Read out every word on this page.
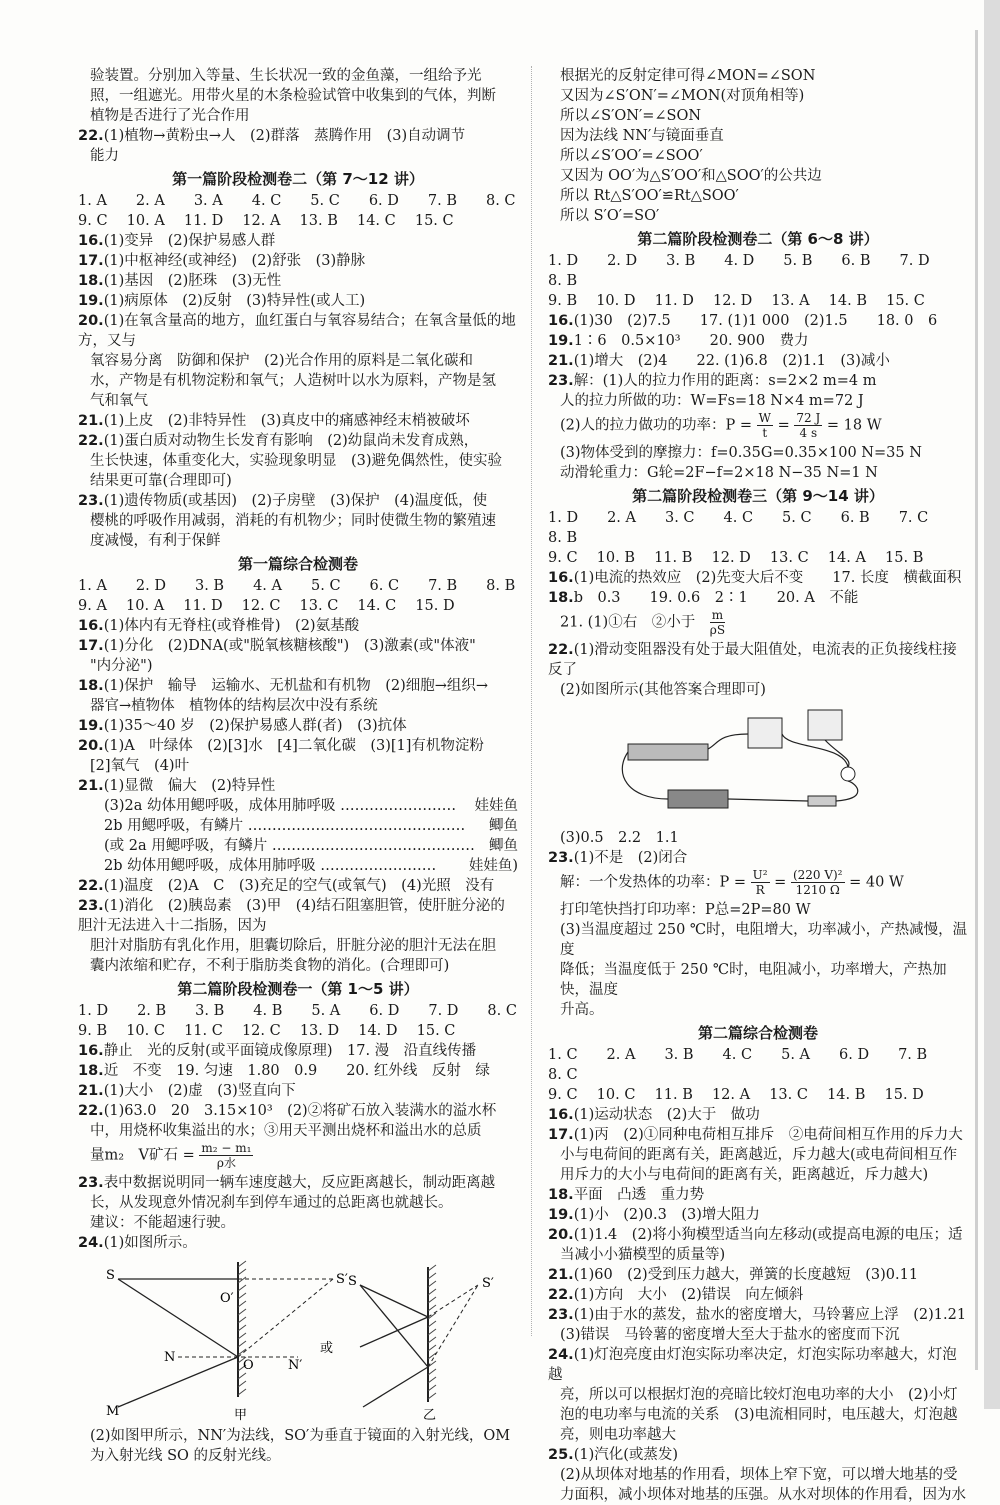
验装置。分别加入等量、生长状况一致的金鱼藻，一组给予光
照，一组遮光。用带火星的木条检验试管中收集到的气体，判断
植物是否进行了光合作用
22.(1)植物→黄粉虫→人　(2)群落　蒸腾作用　(3)自动调节
能力
第一篇阶段检测卷二（第 7～12 讲）
1. A　　2. A　　3. A　　4. C　　5. C　　6. D　　7. B　　8. C
9. C　 10. A　 11. D　 12. A　 13. B　 14. C　 15. C
16.(1)变异　(2)保护易感人群
17.(1)中枢神经(或神经)　(2)舒张　(3)静脉
18.(1)基因　(2)胚珠　(3)无性
19.(1)病原体　(2)反射　(3)特异性(或人工)
20.(1)在氧含量高的地方，血红蛋白与氧容易结合；在氧含量低的地方，又与
氧容易分离　防御和保护　(2)光合作用的原料是二氧化碳和
水，产物是有机物淀粉和氧气；人造树叶以水为原料，产物是氢
气和氧气
21.(1)上皮　(2)非特异性　(3)真皮中的痛感神经末梢被破坏
22.(1)蛋白质对动物生长发育有影响　(2)幼鼠尚未发育成熟，
生长快速，体重变化大，实验现象明显　(3)避免偶然性，使实验
结果更可靠(合理即可)
23.(1)遗传物质(或基因)　(2)子房壁　(3)保护　(4)温度低，使
樱桃的呼吸作用减弱，消耗的有机物少；同时使微生物的繁殖速
度减慢，有利于保鲜
第一篇综合检测卷
1. A　　2. D　　3. B　　4. A　　5. C　　6. C　　7. B　　8. B
9. A　 10. A　 11. D　 12. C　 13. C　 14. C　 15. D
16.(1)体内有无脊柱(或脊椎骨)　(2)氨基酸
17.(1)分化　(2)DNA(或"脱氧核糖核酸")　(3)激素(或"体液"
"内分泌")
18.(1)保护　输导　运输水、无机盐和有机物　(2)细胞→组织→
器官→植物体　植物体的结构层次中没有系统
19.(1)35～40 岁　(2)保护易感人群(者)　(3)抗体
20.(1)A　叶绿体　(2)[3]水　[4]二氧化碳　(3)[1]有机物淀粉
[2]氧气　(4)叶
21.(1)显微　偏大　(2)特异性
(3)2a 幼体用鳃呼吸，成体用肺呼吸 …………………… 娃娃鱼
2b 用鳃呼吸，有鳞片 ……………………………………… 鲫鱼
(或 2a 用鳃呼吸，有鳞片 …………………………………… 鲫鱼
2b 幼体用鳃呼吸，成体用肺呼吸 …………………… 娃娃鱼)
22.(1)温度　(2)A　C　(3)充足的空气(或氧气)　(4)光照　没有
23.(1)消化　(2)胰岛素　(3)甲　(4)结石阻塞胆管，使肝脏分泌的胆汁无法进入十二指肠，因为
胆汁对脂肪有乳化作用，胆囊切除后，肝脏分泌的胆汁无法在胆
囊内浓缩和贮存，不利于脂肪类食物的消化。(合理即可)
第二篇阶段检测卷一（第 1～5 讲）
1. D　　2. B　　3. B　　4. B　　5. A　　6. D　　7. D　　8. C
9. B　 10. C　 11. C　 12. C　 13. D　 14. D　 15. C
16.静止　光的反射(或平面镜成像原理)　17. 漫　沿直线传播
18.近　不变　19. 匀速　1.80　0.9　　20. 红外线　反射　绿
21.(1)大小　(2)虚　(3)竖直向下
22.(1)63.0　20　3.15×10³　(2)②将矿石放入装满水的溢水杯
中，用烧杯收集溢出的水；③用天平测出烧杯和溢出水的总质
量m₂　V矿石 = $\frac{\text{m₂ − m₁}}{\text{ρ水}}$
23.表中数据说明同一辆车速度越大，反应距离越长，制动距离越
长，从发现意外情况刹车到停车通过的总距离也就越长。
建议：不能超速行驶。
24.(1)如图所示。
S
O′
S′
N
O	N′
M	甲
或
S	S′
乙
(2)如图甲所示，NN′为法线，SO′为垂直于镜面的入射光线，OM
为入射光线 SO 的反射光线。
根据光的反射定律可得∠MON=∠SON
又因为∠S′ON′=∠MON(对顶角相等)
所以∠S′ON′=∠SON
因为法线 NN′与镜面垂直
所以∠S′OO′=∠SOO′
又因为 OO′为△S′OO′和△SOO′的公共边
所以 Rt△S′OO′≌Rt△SOO′
所以 S′O′=SO′
第二篇阶段检测卷二（第 6～8 讲）
1. D　　2. D　　3. B　　4. D　　5. B　　6. B　　7. D　　8. B
9. B　 10. D　 11. D　 12. D　 13. A　 14. B　 15. C
16.(1)30　(2)7.5　　17. (1)1 000　(2)1.5　　18. 0　6
19.1∶6　0.5×10³　　20. 900　费力
21.(1)增大　(2)4　　22. (1)6.8　(2)1.1　(3)减小
23.解：(1)人的拉力作用的距离：s=2×2 m=4 m
人的拉力所做的功：W=Fs=18 N×4 m=72 J
(2)人的拉力做功的功率：$P = \frac{W}{t} = \frac{72 J}{4 s} = 18$ W
(3)物体受到的摩擦力：f=0.35G=0.35×100 N=35 N
动滑轮重力：G轮=2F−f=2×18 N−35 N=1 N
第二篇阶段检测卷三（第 9～14 讲）
1. D　　2. A　　3. C　　4. C　　5. C　　6. B　　7. C　　8. B
9. C　 10. B　 11. B　 12. D　 13. C　 14. A　 15. B
16.(1)电流的热效应　(2)先变大后不变　　17. 长度　横截面积
18.b　0.3　　19. 0.6　2∶1　　20. A　不能
21. (1)①右　②小于　 $\frac{m}{\rho S}$
22.(1)滑动变阻器没有处于最大阻值处，电流表的正负接线柱接反了
(2)如图所示(其他答案合理即可)
(3)0.5　2.2　1.1
23.(1)不是　(2)闭合
解：一个发热体的功率：$P = \frac{\text{U²}}{R} = \frac{\text{(220 V)²}}{1210 \Omega} = 40$ W
打印笔快挡打印功率：P总=2P=80 W
(3)当温度超过 250 ℃时，电阻增大，功率减小，产热减慢，温度
降低；当温度低于 250 ℃时，电阻减小，功率增大，产热加快，温度
升高。
第二篇综合检测卷
1. C　　2. A　　3. B　　4. C　　5. A　　6. D　　7. B　　8. C
9. C　 10. C　 11. B　 12. A　 13. C　 14. B　 15. D
16.(1)运动状态　(2)大于　做功
17.(1)丙　(2)①同种电荷相互排斥　②电荷间相互作用的斥力大
小与电荷间的距离有关，距离越近，斥力越大(或电荷间相互作
用斥力的大小与电荷间的距离有关，距离越近，斥力越大)
18.平面　凸透　重力势
19.(1)小　(2)0.3　(3)增大阻力
20.(1)1.4　(2)将小狗模型适当向左移动(或提高电源的电压；适
当减小小猫模型的质量等)
21.(1)60　(2)受到压力越大，弹簧的长度越短　(3)0.11
22.(1)方向　大小　(2)错误　向左倾斜
23.(1)由于水的蒸发，盐水的密度增大，马铃薯应上浮　(2)1.21
(3)错误　马铃薯的密度增大至大于盐水的密度而下沉
24.(1)灯泡亮度由灯泡实际功率决定，灯泡实际功率越大，灯泡越
亮，所以可以根据灯泡的亮暗比较灯泡电功率的大小　(2)小灯
泡的电功率与电流的关系　(3)电流相同时，电压越大，灯泡越
亮，则电功率越大
25.(1)汽化(或蒸发)
(2)从坝体对地基的作用看，坝体上窄下宽，可以增大地基的受
力面积，减小坝体对地基的压强。从水对坝体的作用看，因为水
